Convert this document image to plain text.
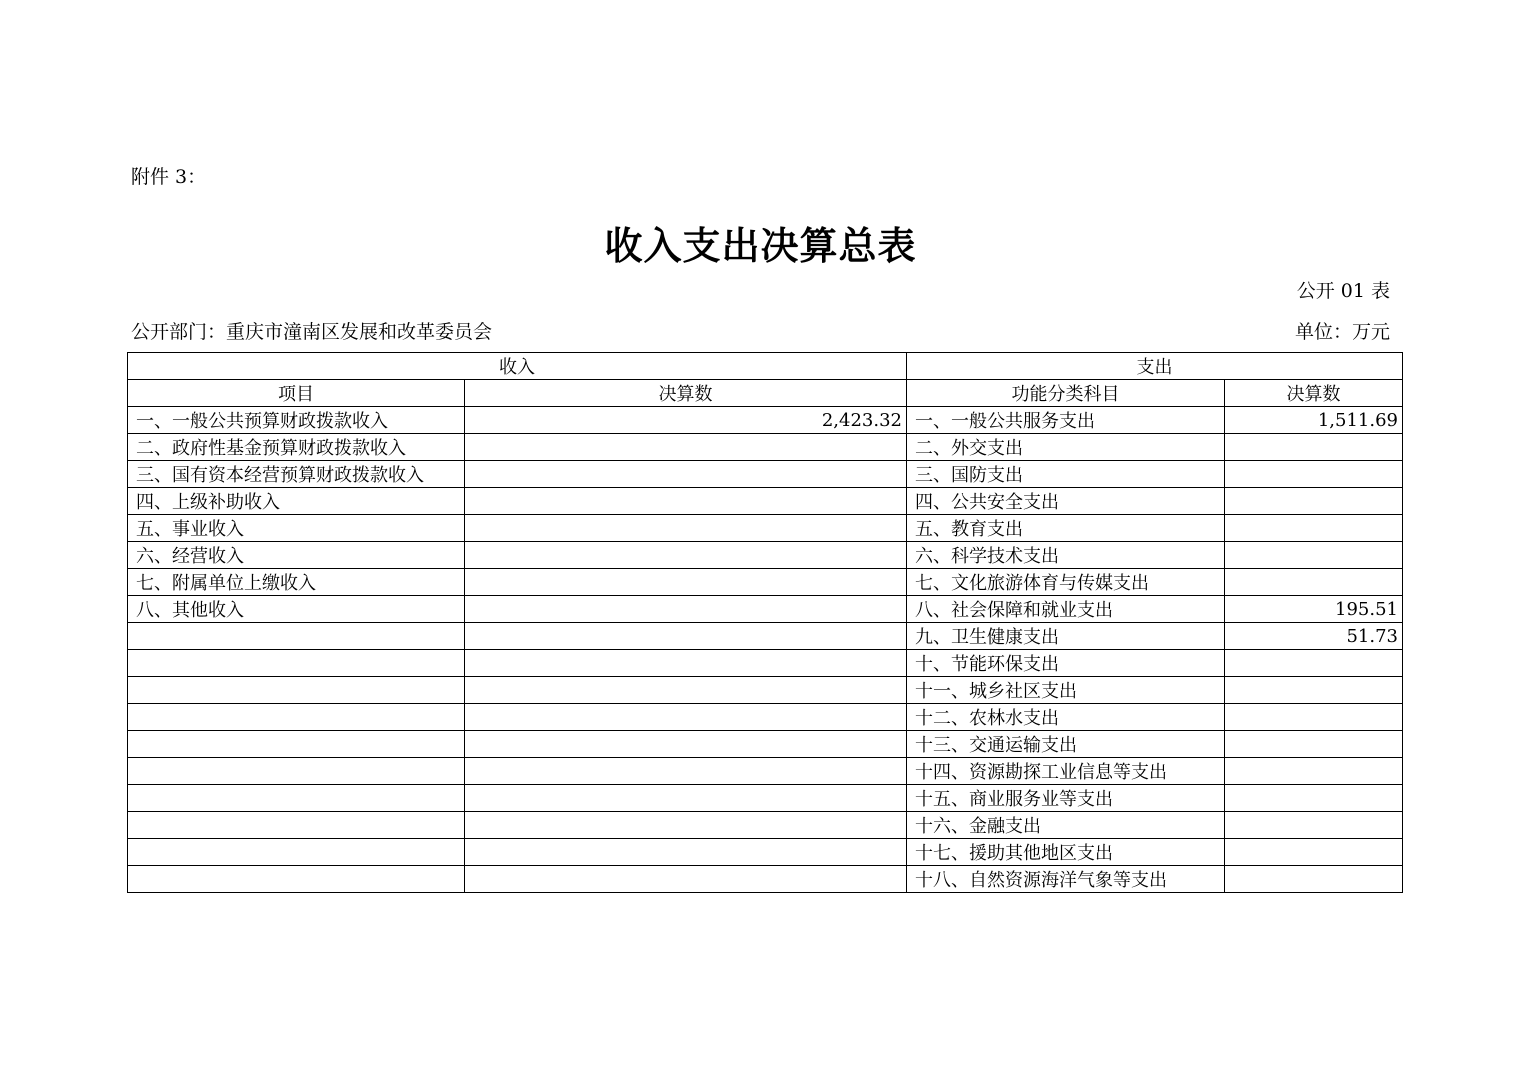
附件 3：
收入支出决算总表
公开 01 表
公开部门：重庆市潼南区发展和改革委员会	单位：万元
收入		支出	
项目	决算数	功能分类科目	决算数
一、一般公共预算财政拨款收入	2,423.32	一、一般公共服务支出	1,511.69
二、政府性基金预算财政拨款收入		二、外交支出	
三、国有资本经营预算财政拨款收入		三、国防支出	
四、上级补助收入		四、公共安全支出	
五、事业收入		五、教育支出	
六、经营收入		六、科学技术支出	
七、附属单位上缴收入		七、文化旅游体育与传媒支出	
八、其他收入		八、社会保障和就业支出	195.51
		九、卫生健康支出	51.73
		十、节能环保支出	
		十一、城乡社区支出	
		十二、农林水支出	
		十三、交通运输支出	
		十四、资源勘探工业信息等支出	
		十五、商业服务业等支出	
		十六、金融支出	
		十七、援助其他地区支出	
		十八、自然资源海洋气象等支出	
